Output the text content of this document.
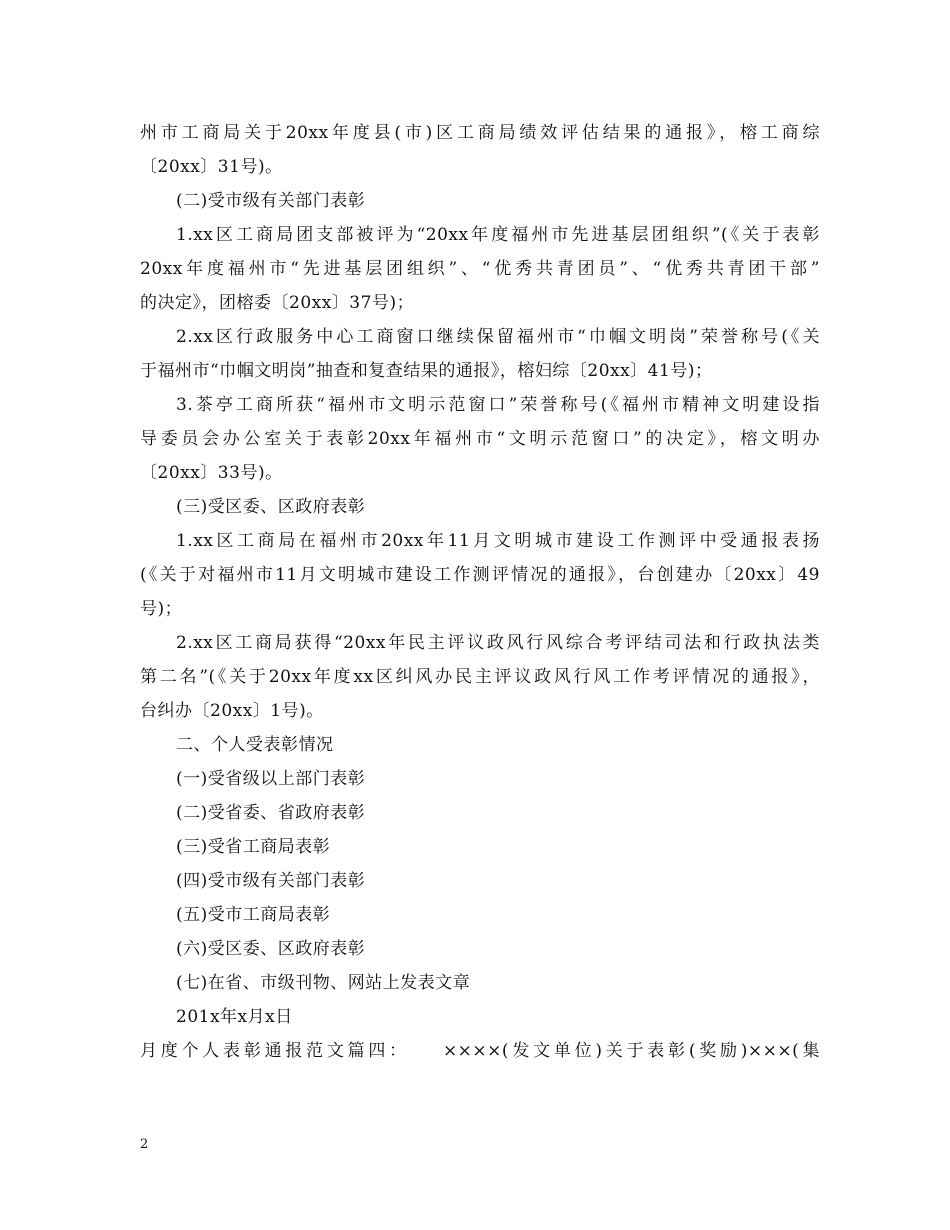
州市工商局关于20xx年度县(市)区工商局绩效评估结果的通报》，榕工商综
〔20xx〕31号)。
(二)受市级有关部门表彰
1.xx区工商局团支部被评为“20xx年度福州市先进基层团组织”(《关于表彰
20xx年度福州市“先进基层团组织”、“优秀共青团员”、“优秀共青团干部”
的决定》，团榕委〔20xx〕37号)；
2.xx区行政服务中心工商窗口继续保留福州市“巾帼文明岗”荣誉称号(《关
于福州市“巾帼文明岗”抽查和复查结果的通报》，榕妇综〔20xx〕41号)；
3.茶亭工商所获“福州市文明示范窗口”荣誉称号(《福州市精神文明建设指
导委员会办公室关于表彰20xx年福州市“文明示范窗口”的决定》，榕文明办
〔20xx〕33号)。
(三)受区委、区政府表彰
1.xx区工商局在福州市20xx年11月文明城市建设工作测评中受通报表扬
(《关于对福州市11月文明城市建设工作测评情况的通报》，台创建办〔20xx〕49
号)；
2.xx区工商局获得“20xx年民主评议政风行风综合考评结司法和行政执法类
第二名”(《关于20xx年度xx区纠风办民主评议政风行风工作考评情况的通报》，
台纠办〔20xx〕1号)。
二、个人受表彰情况
(一)受省级以上部门表彰
(二)受省委、省政府表彰
(三)受省工商局表彰
(四)受市级有关部门表彰
(五)受市工商局表彰
(六)受区委、区政府表彰
(七)在省、市级刊物、网站上发表文章
201x年x月x日
月度个人表彰通报范文篇四：　　××××(发文单位)关于表彰(奖励)×××(集
2
